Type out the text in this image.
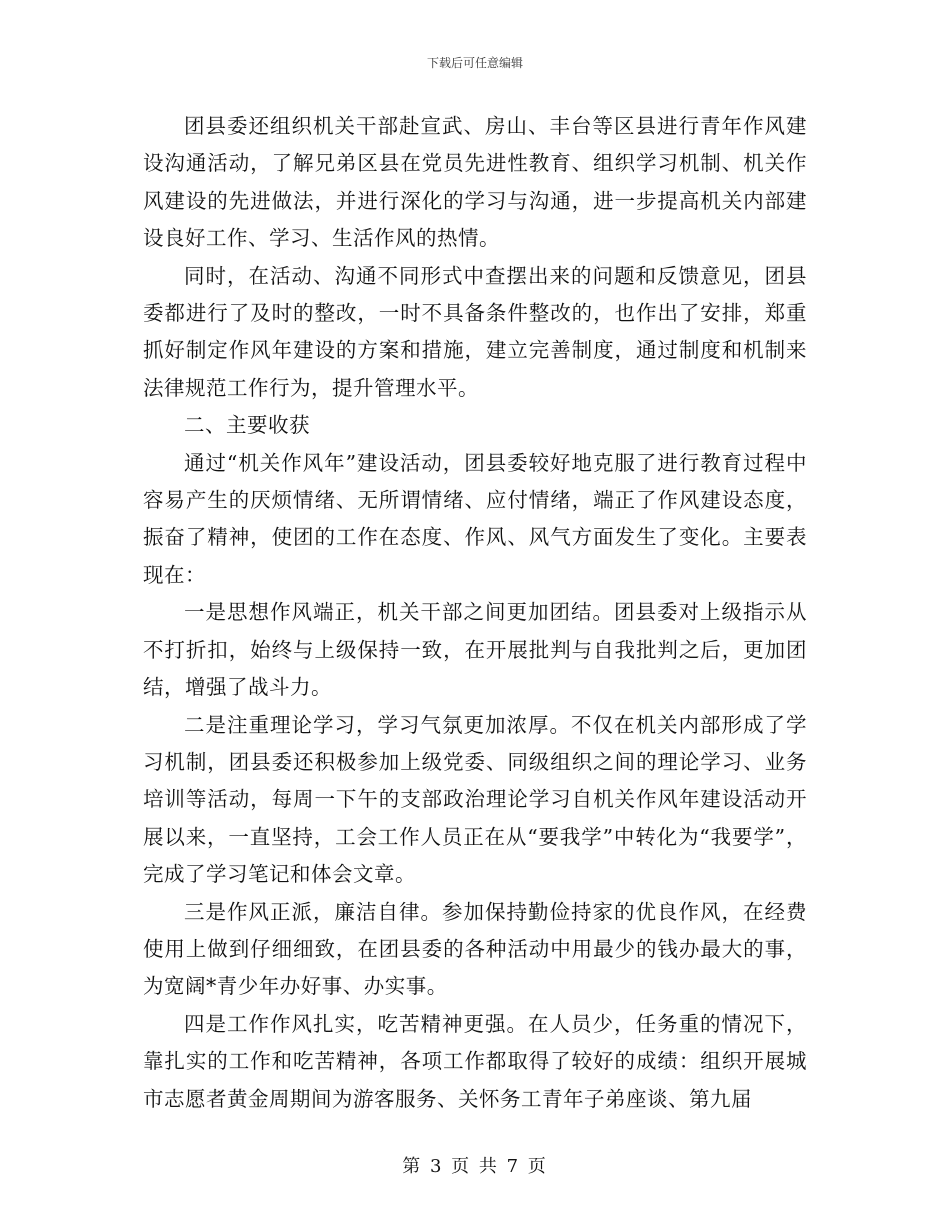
下载后可任意编辑

团县委还组织机关干部赴宣武、房山、丰台等区县进行青年作风建设沟通活动，了解兄弟区县在党员先进性教育、组织学习机制、机关作风建设的先进做法，并进行深化的学习与沟通，进一步提高机关内部建设良好工作、学习、生活作风的热情。

同时，在活动、沟通不同形式中查摆出来的问题和反馈意见，团县委都进行了及时的整改，一时不具备条件整改的，也作出了安排，郑重抓好制定作风年建设的方案和措施，建立完善制度，通过制度和机制来法律规范工作行为，提升管理水平。

二、主要收获

通过“机关作风年”建设活动，团县委较好地克服了进行教育过程中容易产生的厌烦情绪、无所谓情绪、应付情绪，端正了作风建设态度，振奋了精神，使团的工作在态度、作风、风气方面发生了变化。主要表现在：

一是思想作风端正，机关干部之间更加团结。团县委对上级指示从不打折扣，始终与上级保持一致，在开展批判与自我批判之后，更加团结，增强了战斗力。

二是注重理论学习，学习气氛更加浓厚。不仅在机关内部形成了学习机制，团县委还积极参加上级党委、同级组织之间的理论学习、业务培训等活动，每周一下午的支部政治理论学习自机关作风年建设活动开展以来，一直坚持，工会工作人员正在从“要我学”中转化为“我要学”，完成了学习笔记和体会文章。

三是作风正派，廉洁自律。参加保持勤俭持家的优良作风，在经费使用上做到仔细细致，在团县委的各种活动中用最少的钱办最大的事，为宽阔*青少年办好事、办实事。

四是工作作风扎实，吃苦精神更强。在人员少，任务重的情况下，靠扎实的工作和吃苦精神，各项工作都取得了较好的成绩：组织开展城市志愿者黄金周期间为游客服务、关怀务工青年子弟座谈、第九届

第 3 页 共 7 页
